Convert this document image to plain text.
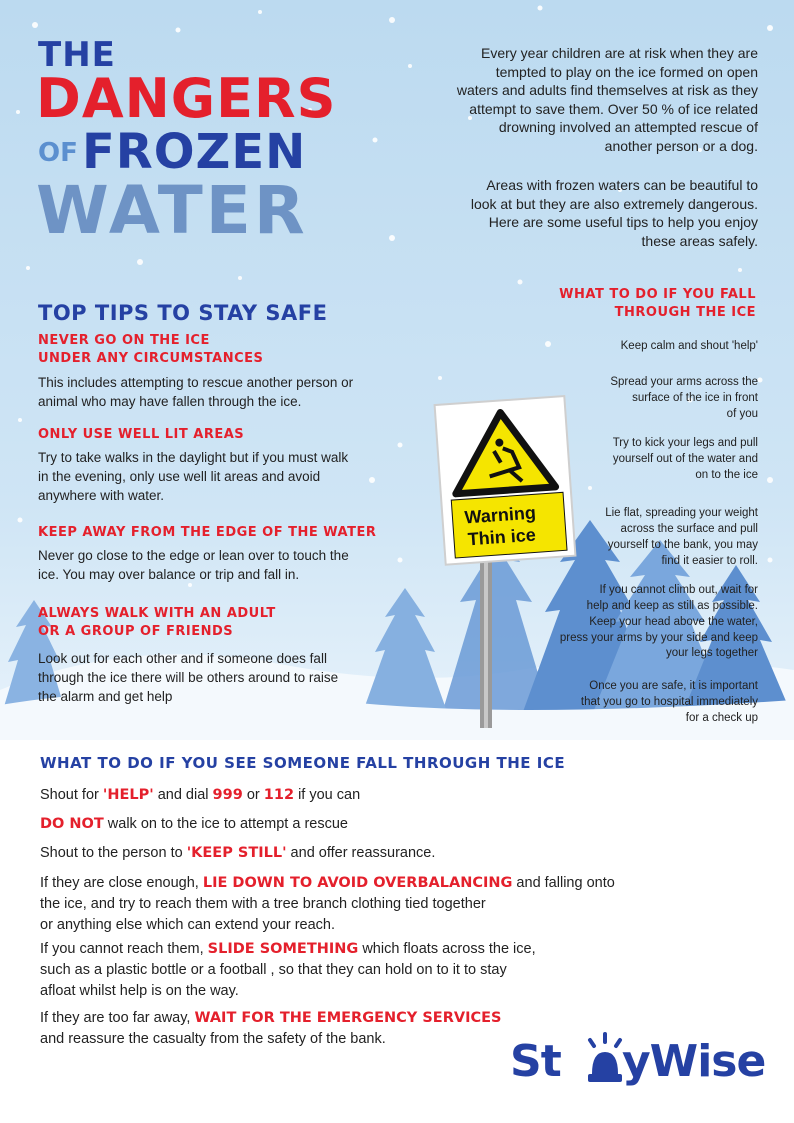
Warning
Thin ice
THE
DANGERS
OF FROZEN
WATER
Every year children are at risk when they are
tempted to play on the ice formed on open
waters and adults find themselves at risk as they
attempt to save them. Over 50 % of ice related
drowning involved an attempted rescue of
another person or a dog.
Areas with frozen waters can be beautiful to
look at but they are also extremely dangerous.
Here are some useful tips to help you enjoy
these areas safely.
TOP TIPS TO STAY SAFE
NEVER GO ON THE ICE
UNDER ANY CIRCUMSTANCES
This includes attempting to rescue another person or
animal who may have fallen through the ice.
ONLY USE WELL LIT AREAS
Try to take walks in the daylight but if you must walk
in the evening, only use well lit areas and avoid
anywhere with water.
KEEP AWAY FROM THE EDGE OF THE WATER
Never go close to the edge or lean over to touch the
ice. You may over balance or trip and fall in.
ALWAYS WALK WITH AN ADULT
OR A GROUP OF FRIENDS
Look out for each other and if someone does fall
through the ice there will be others around to raise
the alarm and get help
WHAT TO DO IF YOU FALL
THROUGH THE ICE
Keep calm and shout 'help'
Spread your arms across the
surface of the ice in front
of you
Try to kick your legs and pull
yourself out of the water and
on to the ice
Lie flat, spreading your weight
across the surface and pull
yourself to the bank, you may
find it easier to roll.
If you cannot climb out, wait for
help and keep as still as possible.
Keep your head above the water,
press your arms by your side and keep
your legs together
Once you are safe, it is important
that you go to hospital immediately
for a check up
WHAT TO DO IF YOU SEE SOMEONE FALL THROUGH THE ICE
Shout for 'HELP' and dial 999 or 112 if you can
DO NOT walk on to the ice to attempt a rescue
Shout to the person to 'KEEP STILL' and offer reassurance.
If they are close enough, LIE DOWN TO AVOID OVERBALANCING and falling onto
the ice, and try to reach them with a tree branch clothing tied together
or anything else which can extend your reach.
If you cannot reach them, SLIDE SOMETHING which floats across the ice,
such as a plastic bottle or a football , so that they can hold on to it to stay
afloat whilst help is on the way.
If they are too far away, WAIT FOR THE EMERGENCY SERVICES
and reassure the casualty from the safety of the bank.	St yWise
